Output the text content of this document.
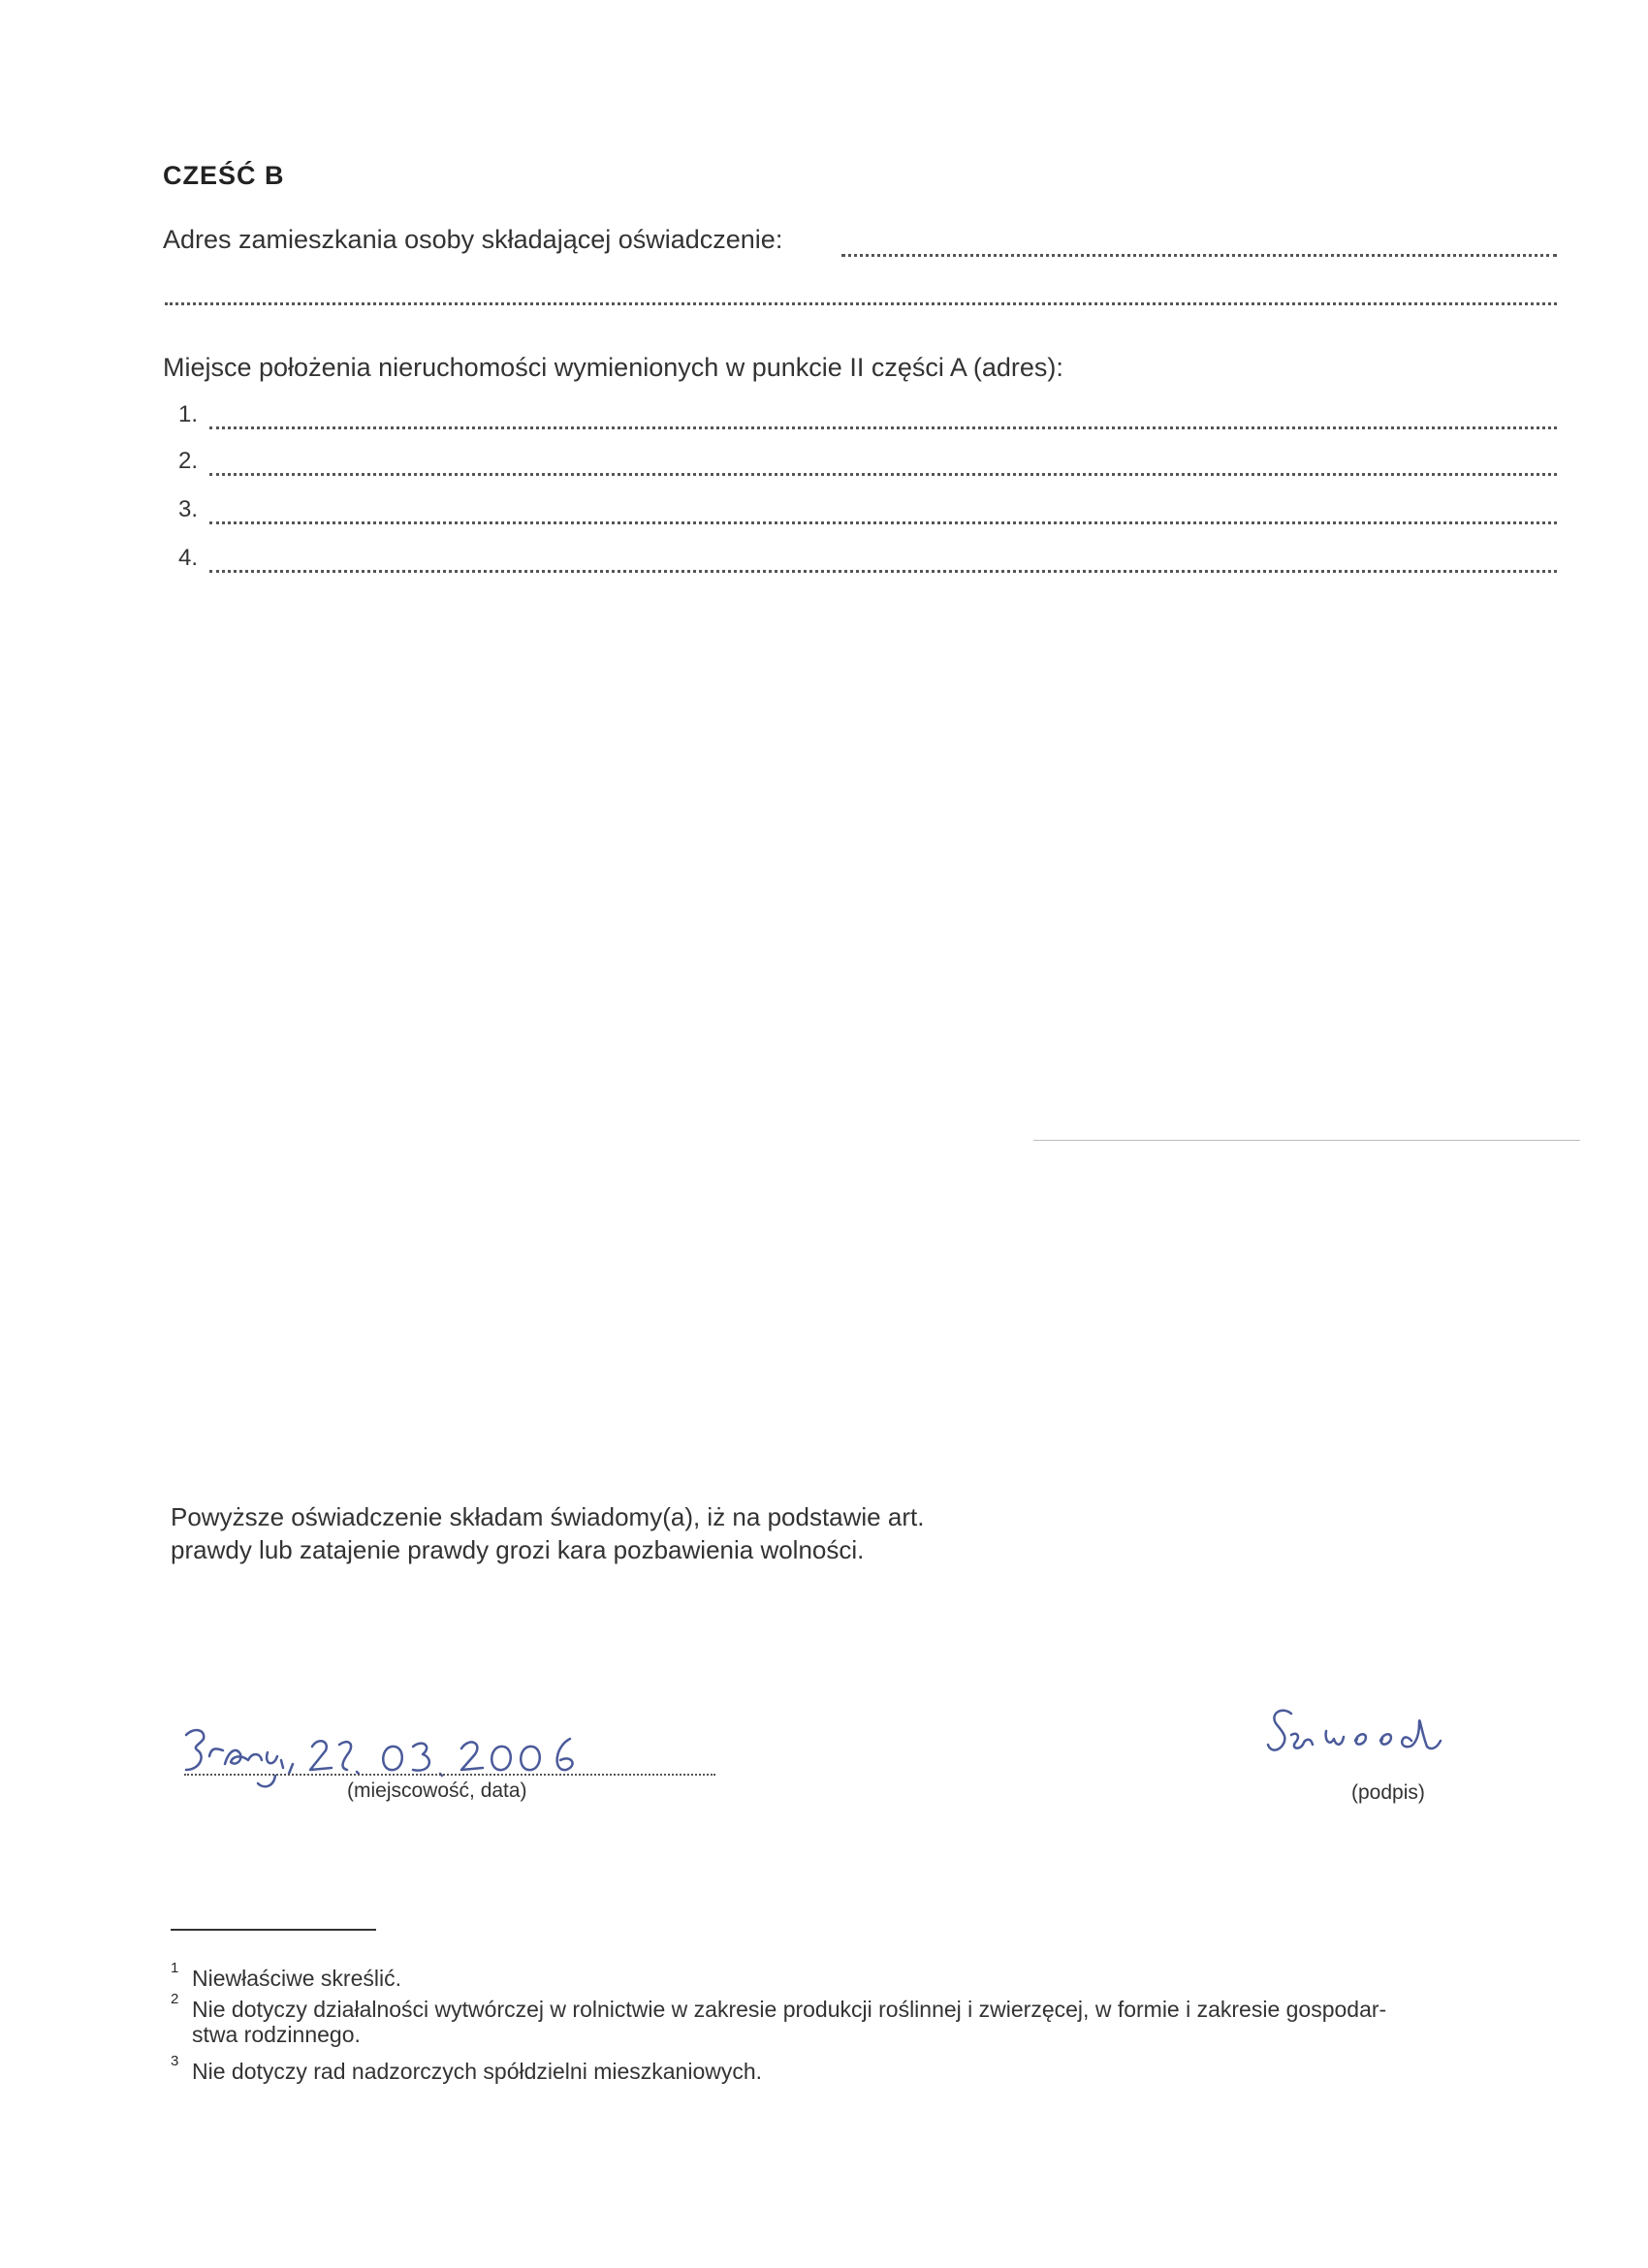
CZEŚĆ B
Adres zamieszkania osoby składającej oświadczenie:
Miejsce położenia nieruchomości wymienionych w punkcie II części A (adres):
1.
2.
3.
4.
Powyższe oświadczenie składam świadomy(a), iż na podstawie art.
prawdy lub zatajenie prawdy grozi kara pozbawienia wolności.
(miejscowość, data)	(podpis)
1 Niewłaściwe skreślić.
2 Nie dotyczy działalności wytwórczej w rolnictwie w zakresie produkcji roślinnej i zwierzęcej, w formie i zakresie gospodar-
stwa rodzinnego.
3 Nie dotyczy rad nadzorczych spółdzielni mieszkaniowych.
